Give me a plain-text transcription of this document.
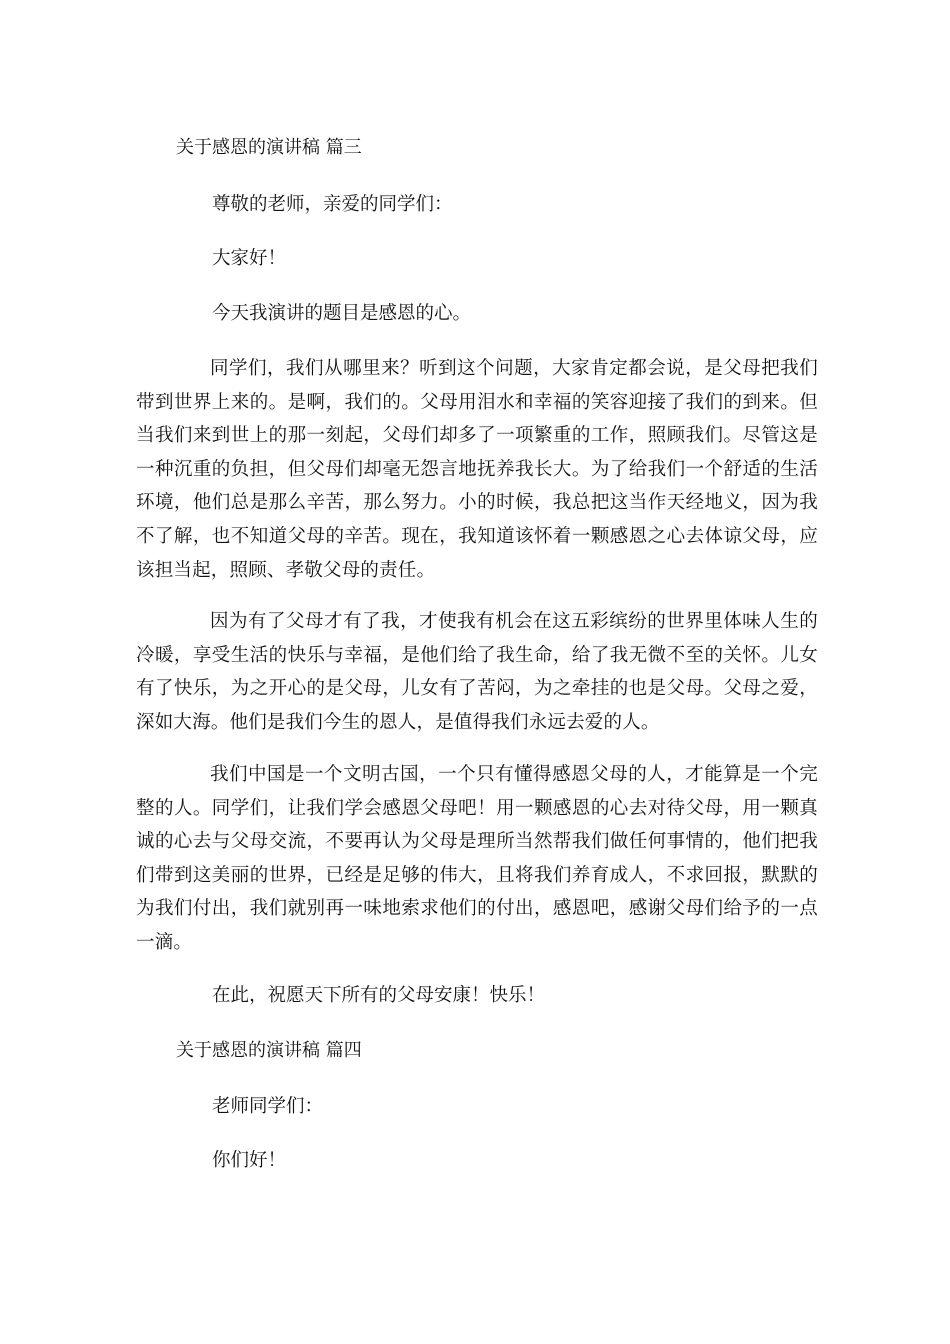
关于感恩的演讲稿 篇三
尊敬的老师，亲爱的同学们：
大家好！
今天我演讲的题目是感恩的心。
同学们，我们从哪里来？听到这个问题，大家肯定都会说，是父母把我们带到世界上来的。是啊，我们的。父母用泪水和幸福的笑容迎接了我们的到来。但当我们来到世上的那一刻起，父母们却多了一项繁重的工作，照顾我们。尽管这是一种沉重的负担，但父母们却毫无怨言地抚养我长大。为了给我们一个舒适的生活环境，他们总是那么辛苦，那么努力。小的时候，我总把这当作天经地义，因为我不了解，也不知道父母的辛苦。现在，我知道该怀着一颗感恩之心去体谅父母，应该担当起，照顾、孝敬父母的责任。
因为有了父母才有了我，才使我有机会在这五彩缤纷的世界里体味人生的冷暖，享受生活的快乐与幸福，是他们给了我生命，给了我无微不至的关怀。儿女有了快乐，为之开心的是父母，儿女有了苦闷，为之牵挂的也是父母。父母之爱，深如大海。他们是我们今生的恩人，是值得我们永远去爱的人。
我们中国是一个文明古国，一个只有懂得感恩父母的人，才能算是一个完整的人。同学们，让我们学会感恩父母吧！用一颗感恩的心去对待父母，用一颗真诚的心去与父母交流，不要再认为父母是理所当然帮我们做任何事情的，他们把我们带到这美丽的世界，已经是足够的伟大，且将我们养育成人，不求回报，默默的为我们付出，我们就别再一味地索求他们的付出，感恩吧，感谢父母们给予的一点一滴。
在此，祝愿天下所有的父母安康！快乐！
关于感恩的演讲稿 篇四
老师同学们：
你们好！
